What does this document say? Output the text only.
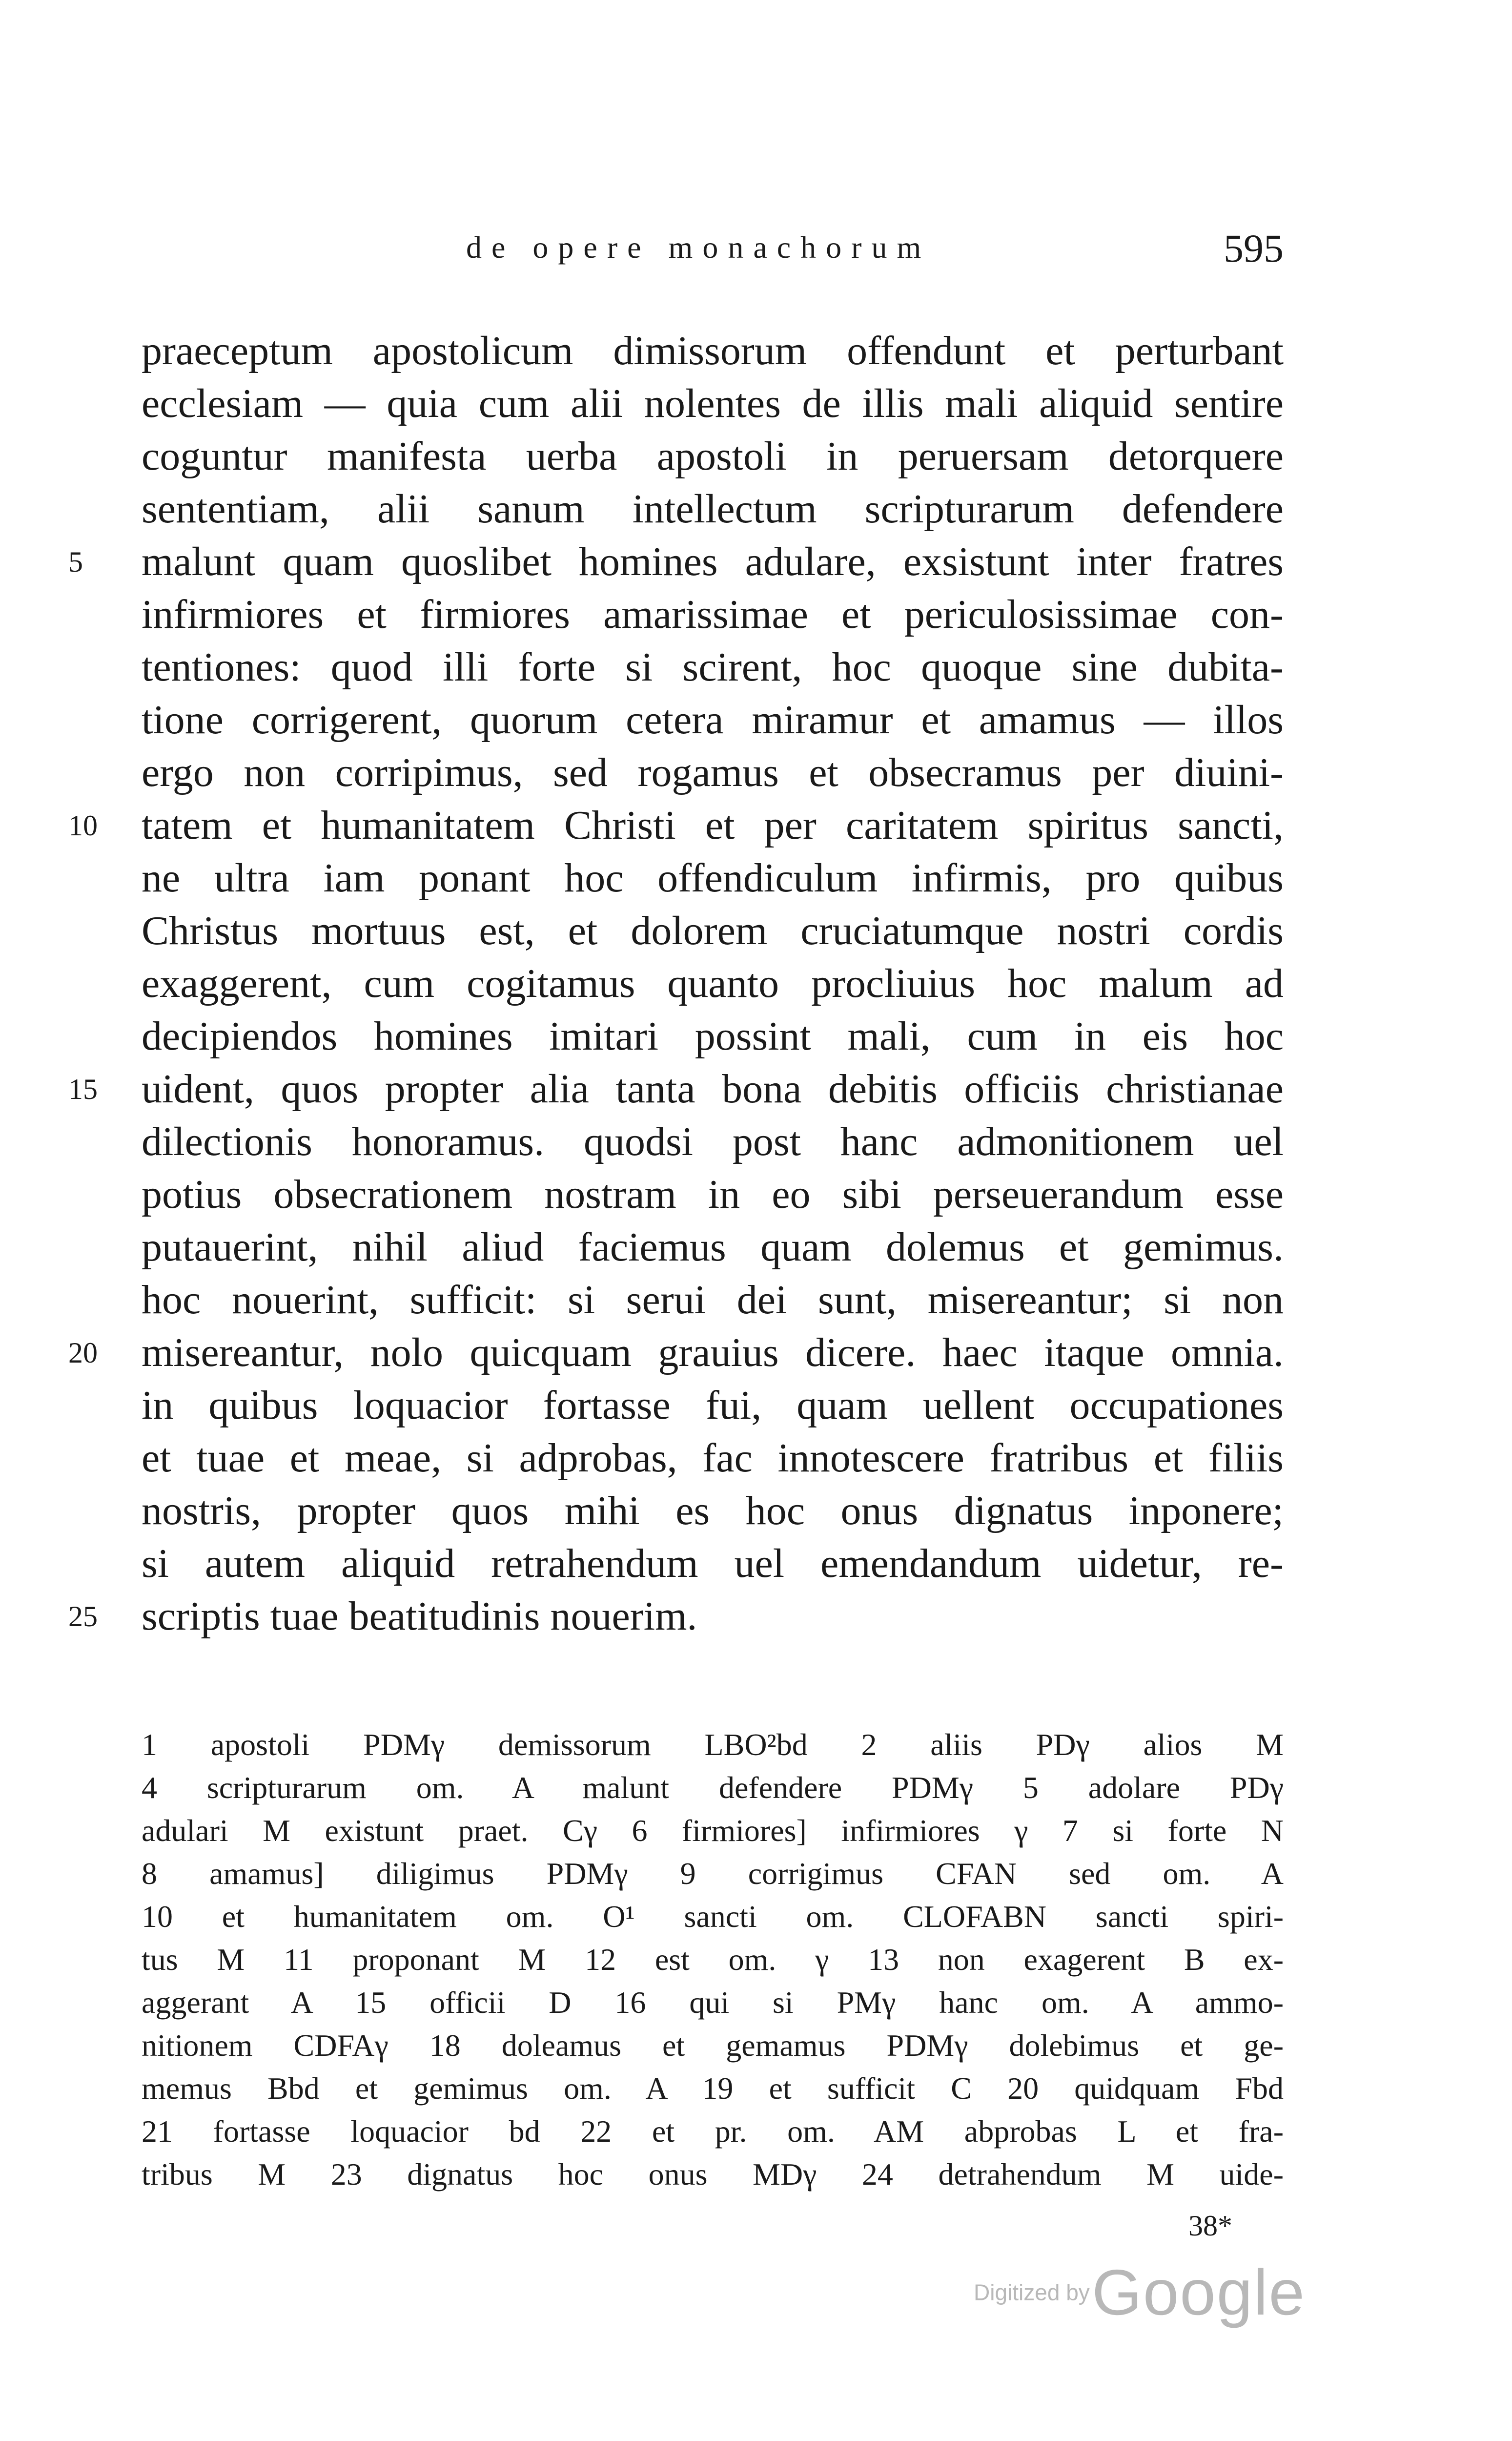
de opere monachorum	595
praeceptum apostolicum dimissorum offendunt et perturbant
ecclesiam — quia cum alii nolentes de illis mali aliquid sentire
coguntur manifesta uerba apostoli in peruersam detorquere
sententiam, alii sanum intellectum scripturarum defendere
5	malunt quam quoslibet homines adulare, exsistunt inter fratres
infirmiores et firmiores amarissimae et periculosissimae con-
tentiones: quod illi forte si scirent, hoc quoque sine dubita-
tione corrigerent, quorum cetera miramur et amamus — illos
ergo non corripimus, sed rogamus et obsecramus per diuini-
10	tatem et humanitatem Christi et per caritatem spiritus sancti,
ne ultra iam ponant hoc offendiculum infirmis, pro quibus
Christus mortuus est, et dolorem cruciatumque nostri cordis
exaggerent, cum cogitamus quanto procliuius hoc malum ad
decipiendos homines imitari possint mali, cum in eis hoc
15	uident, quos propter alia tanta bona debitis officiis christianae
dilectionis honoramus. quodsi post hanc admonitionem uel
potius obsecrationem nostram in eo sibi perseuerandum esse
putauerint, nihil aliud faciemus quam dolemus et gemimus.
hoc nouerint, sufficit: si serui dei sunt, misereantur; si non
20	misereantur, nolo quicquam grauius dicere. haec itaque omnia.
in quibus loquacior fortasse fui, quam uellent occupationes
et tuae et meae, si adprobas, fac innotescere fratribus et filiis
nostris, propter quos mihi es hoc onus dignatus inponere;
si autem aliquid retrahendum uel emendandum uidetur, re-
25	scriptis tuae beatitudinis nouerim.
1 apostoli PDMγ demissorum LBO²bd 2 aliis PDγ alios M
4 scripturarum om. A malunt defendere PDMγ 5 adolare PDγ
adulari M existunt praet. Cγ 6 firmiores] infirmiores γ 7 si forte N
8 amamus] diligimus PDMγ 9 corrigimus CFAN sed om. A
10 et humanitatem om. O¹ sancti om. CLOFABN sancti spiri-
tus M 11 proponant M 12 est om. γ 13 non exagerent B ex-
aggerant A 15 officii D 16 qui si PMγ hanc om. A ammo-
nitionem CDFAγ 18 doleamus et gemamus PDMγ dolebimus et ge-
memus Bbd et gemimus om. A 19 et sufficit C 20 quidquam Fbd
21 fortasse loquacior bd 22 et pr. om. AM abprobas L et fra-
tribus M 23 dignatus hoc onus MDγ 24 detrahendum M uide-
38*
Digitized by Google
